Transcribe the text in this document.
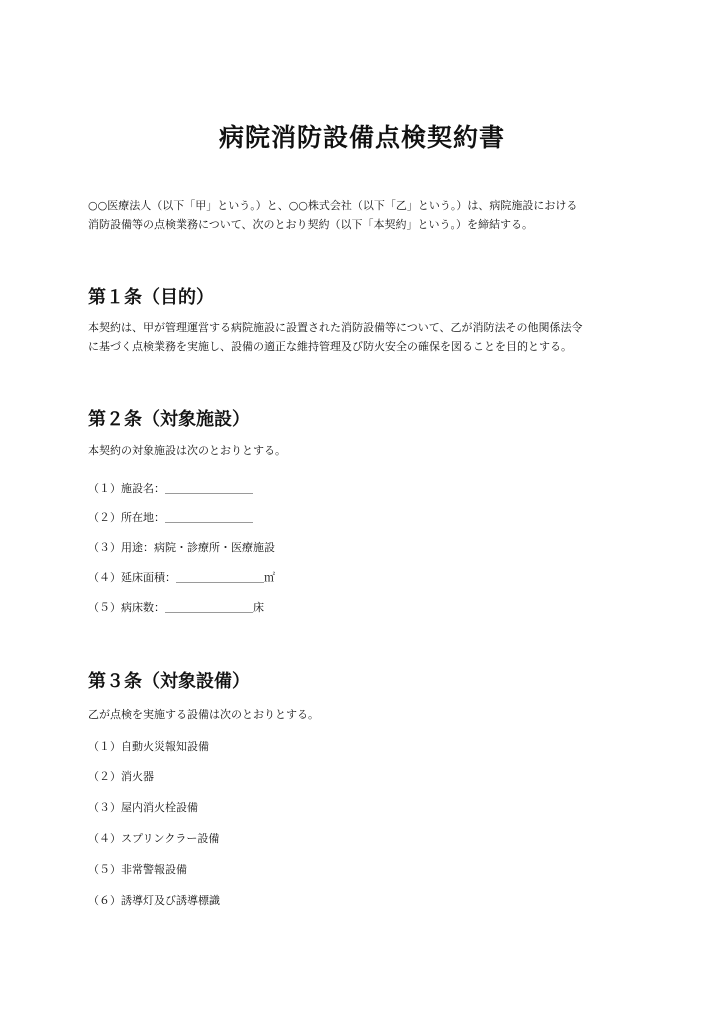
病院消防設備点検契約書

○○医療法人（以下「甲」という。）と、○○株式会社（以下「乙」という。）は、病院施設における
消防設備等の点検業務について、次のとおり契約（以下「本契約」という。）を締結する。

第１条（目的）

本契約は、甲が管理運営する病院施設に設置された消防設備等について、乙が消防法その他関係法令
に基づく点検業務を実施し、設備の適正な維持管理及び防火安全の確保を図ることを目的とする。

第２条（対象施設）

本契約の対象施設は次のとおりとする。

（１）施設名：＿＿＿＿＿＿＿＿

（２）所在地：＿＿＿＿＿＿＿＿

（３）用途：病院・診療所・医療施設

（４）延床面積：＿＿＿＿＿＿＿＿㎡

（５）病床数：＿＿＿＿＿＿＿＿床

第３条（対象設備）

乙が点検を実施する設備は次のとおりとする。

（１）自動火災報知設備

（２）消火器

（３）屋内消火栓設備

（４）スプリンクラー設備

（５）非常警報設備

（６）誘導灯及び誘導標識
